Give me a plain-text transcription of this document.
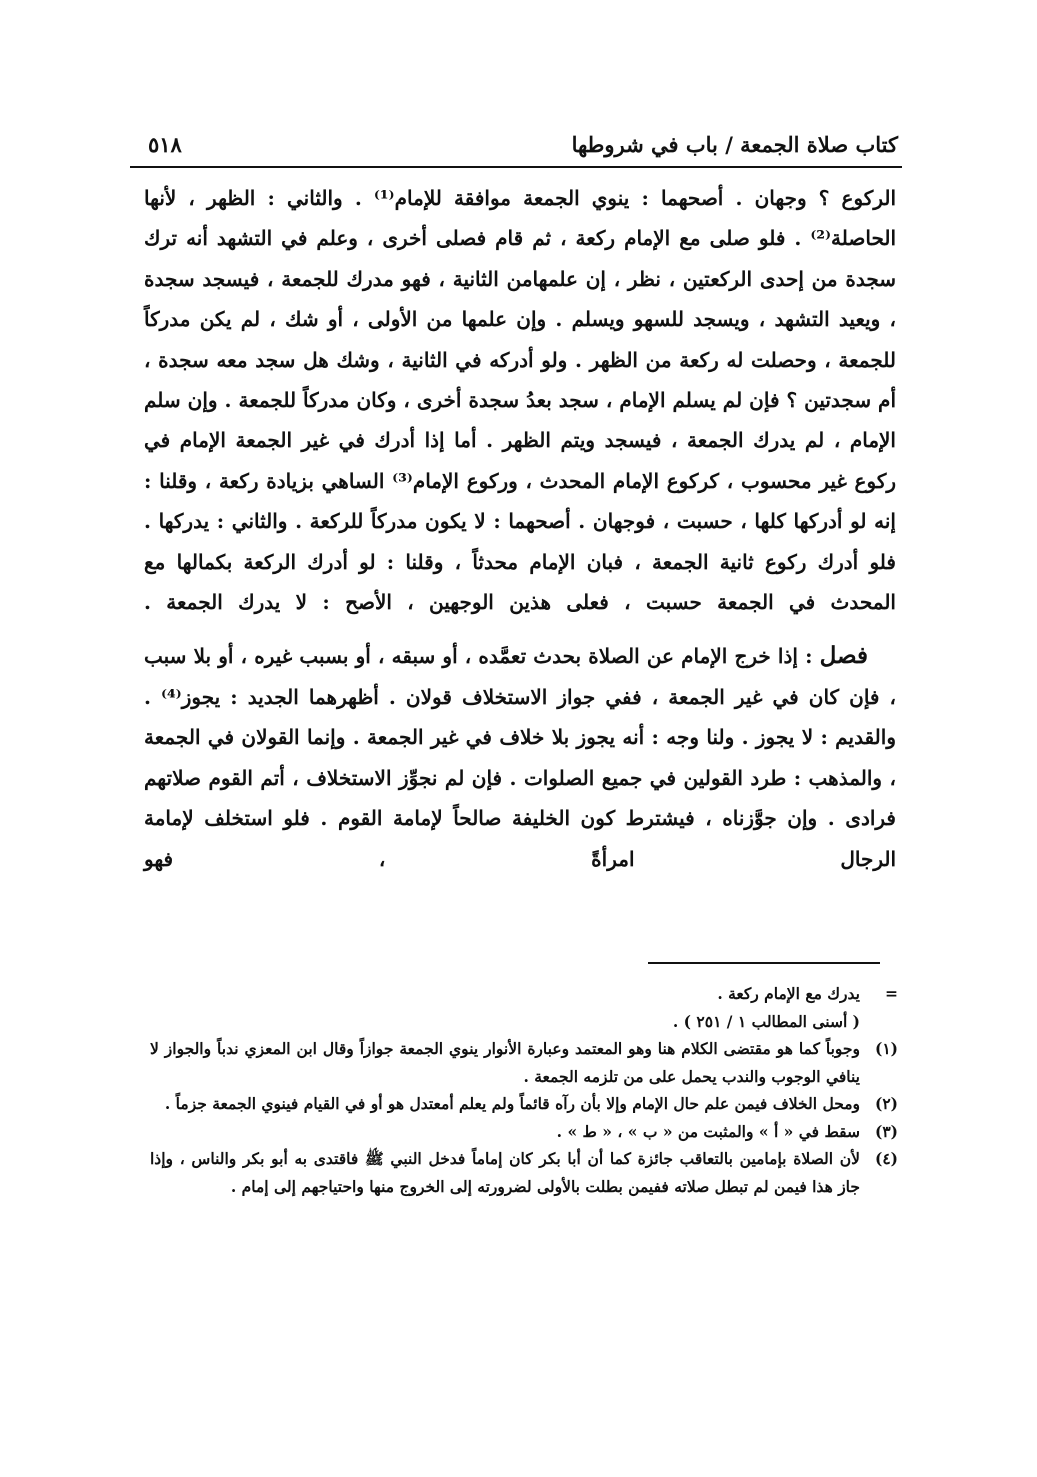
كتاب صلاة الجمعة / باب في شروطها
٥١٨

الركوع ؟ وجهان . أصحهما : ينوي الجمعة موافقة للإمام⁽¹⁾ . والثاني : الظهر ، لأنها الحاصلة⁽²⁾ . فلو صلى مع الإمام ركعة ، ثم قام فصلى أخرى ، وعلم في التشهد أنه ترك سجدة من إحدى الركعتين ، نظر ، إن علمهامن الثانية ، فهو مدرك للجمعة ، فيسجد سجدة ، ويعيد التشهد ، ويسجد للسهو ويسلم . وإن علمها من الأولى ، أو شك ، لم يكن مدركاً للجمعة ، وحصلت له ركعة من الظهر . ولو أدركه في الثانية ، وشك هل سجد معه سجدة ، أم سجدتين ؟ فإن لم يسلم الإمام ، سجد بعدُ سجدة أخرى ، وكان مدركاً للجمعة . وإن سلم الإمام ، لم يدرك الجمعة ، فيسجد ويتم الظهر . أما إذا أدرك في غير الجمعة الإمام في ركوع غير محسوب ، كركوع الإمام المحدث ، وركوع الإمام⁽³⁾ الساهي بزيادة ركعة ، وقلنا : إنه لو أدركها كلها ، حسبت ، فوجهان . أصحهما : لا يكون مدركاً للركعة . والثاني : يدركها . فلو أدرك ركوع ثانية الجمعة ، فبان الإمام محدثاً ، وقلنا : لو أدرك الركعة بكمالها مع المحدث في الجمعة حسبت ، فعلى هذين الوجهين ، الأصح : لا يدرك الجمعة .

فصل : إذا خرج الإمام عن الصلاة بحدث تعمَّده ، أو سبقه ، أو بسبب غيره ، أو بلا سبب ، فإن كان في غير الجمعة ، ففي جواز الاستخلاف قولان . أظهرهما الجديد : يجوز⁽⁴⁾ . والقديم : لا يجوز . ولنا وجه : أنه يجوز بلا خلاف في غير الجمعة . وإنما القولان في الجمعة ، والمذهب : طرد القولين في جميع الصلوات . فإن لم نجوِّز الاستخلاف ، أتم القوم صلاتهم فرادى . وإن جوَّزناه ، فيشترط كون الخليفة صالحاً لإمامة القوم . فلو استخلف لإمامة الرجال امرأةً ، فهو

=
يدرك مع الإمام ركعة .
( أسنى المطالب ١ / ٢٥١ ) .
(١)
وجوباً كما هو مقتضى الكلام هنا وهو المعتمد وعبارة الأنوار ينوي الجمعة جوازاً وقال ابن المعزي ندباً والجواز لا ينافي الوجوب والندب يحمل على من تلزمه الجمعة .
(٢)
ومحل الخلاف فيمن علم حال الإمام وإلا بأن رآه قائماً ولم يعلم أمعتدل هو أو في القيام فينوي الجمعة جزماً .
(٣)
سقط في « أ » والمثبت من « ب » ، « ط » .
(٤)
لأن الصلاة بإمامين بالتعاقب جائزة كما أن أبا بكر كان إماماً فدخل النبي ﷺ فاقتدى به أبو بكر والناس ، وإذا جاز هذا فيمن لم تبطل صلاته ففيمن بطلت بالأولى لضرورته إلى الخروج منها واحتياجهم إلى إمام .
